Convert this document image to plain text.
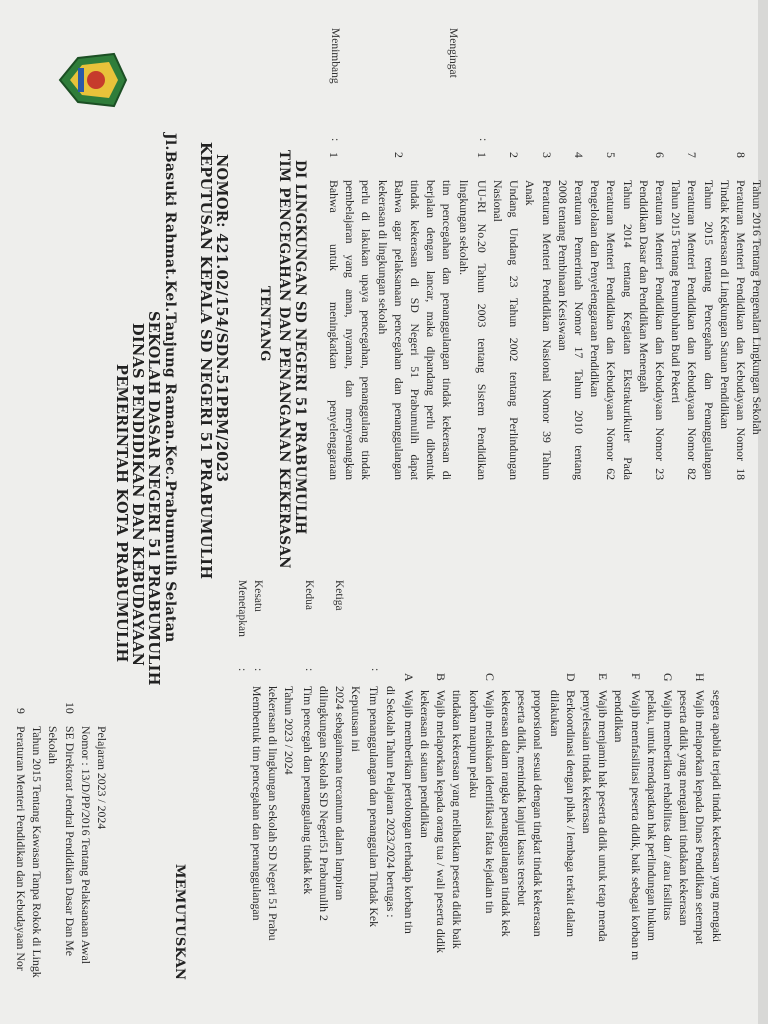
PEMERINTAH KOTA PRABUMULIH DINAS PENDIDIKAN DAN KEBUDAYAAN SEKOLAH DASAR NEGERI 51 PRABUMULIH Jl.Basuki Rahmat.Kel.Tanjung Raman.Kec.Prabumulih Selatan KEPUTUSAN KEPALA SD NEGERI 51 PRABUMULIH NOMOR: 421.02/154/SDN.51PBM/2023 TENTANG TIM PENCEGAHAN DAN PENANGANAN KEKERASAN DI LINGKUNGAN SD NEGERI 51 PRABUMULIH
MEMUTUSKAN
Menimbang
:
1
Bahwa untuk meningkatkan penyelenggaraan pembelajaran yang aman, nyaman, dan menyenangkan perlu di lakukan upaya pencegahan, penanggulang tindak kekerasan di lingkungan sekolah
2
Bahwa agar pelaksanaan pencegahan dan penanggulangan tindak kekerasan di SD Negeri 51 Prabumulih dapat berjalan dengan lancar, maka dipandang perlu dibentuk tim pencegahan dan penanggulangan tindak kekerasan di lingkungan sekolah.
Mengingat
:
1
UU-RI No.20 Tahun 2003 tentang Sistem Pendidikan Nasional
2
Undang Undang 23 Tahun 2002 tentang Perlindungan Anak
3
Peraturan Menteri Pendidikan Nasional Nomor 39 Tahun 2008 tentang Pembinaan Kesiswaan
4
Peraturan Pemerintah Nomor 17 Tahun 2010 tentang Pengelolaan dan Penyelenggaraan Pendidikan
5
Peraturan Menteri Pendidikan dan Kebudayaan Nomor 62 Tahun 2014 tentang Kegiatan Ekstrakurikuler Pada Pendidikan Dasar dan Pendidikan Menengah
6
Peraturan Menteri Pendidikan dan Kebudayaan Nomor 23 Tahun 2015 Tentang Penumbuhan Budi Pekerti
7
Peraturan Menteri Pendidikan dan Kebudayaan Nomor 82 Tahun 2015 tentang Pencegahan dan Penanggulangan Tindak Kekerasan di Lingkungan Satuan Pendidikan
8
Peraturan Menteri Pendidikan dan Kebudayaan Nomor 18 Tahun 2016 Tentang Pengenalan Lingkungan Sekolah
9
Peraturan Menteri Pendidikan dan Kebudayaan Nor Tahun 2015 Tentang Kawasan Tanpa Rokok di Lingk Sekolah
10
SE Direktorat Jendral Pendidikan Dasar Dan Me Nomor : 13/D/PP/2016 Tentang Pelaksanaan Awal Pelajaran 2023 / 2024
Menetapkan
:
Kesatu
:
Membentuk tim pencegahan dan penanggulangan kekerasan di lingkungan Sekolah SD Negeri 51 Prabu Tahun 2023 / 2024
Kedua
:
Tim pencegah dan penanggulang tindak kek dilingkungan Sekolah SD Negeri51 Prabumulih 2 2024 sebagaimana tercantum dalam lampiran Keputusan ini
Ketiga
:
Tim penanggulangan dan penanggulan Tindak Kek di Sekolah Tahun Pelajaran 2023/2024 bertugas :
A
Wajib memberikan pertolongan terhadap korban tin kekerasan di satuan pendidikan
B
Wajib melaporkan kepada orang tua / wali peserta didik tindakan kekerasan yang melibatkan peserta didik baik korban maupun pelaku
C
Wajib melakukan identifikasi fakta kejadian tin kekerasan dalam rangka penanggulangan tindak kek peserta didik, menindak lanjuti kasus tersebut proporsional sesuai dengan tingkat tindak kekerasan dilakukan
D
Berkoordinasi dengan pihak / lembaga terkait dalam penyelesaian tindak kekerasan
E
Wajib menjamin hak peserta didik untuk tetap menda pendidikan
F
Wajib memfasilitasi peserta didik, baik sebagai korban m pelaku, untuk mendapatkan hak perlindungan hukum
G
Wajib memberikan rehabilitas dan / atau fasilitas peserta didik yang mengalami tindakan kekerasan
H
Wajib melaporkan kepada Dinas Pendidikan setempat segera apabila terjadi tindak kekerasan yang mengaki
